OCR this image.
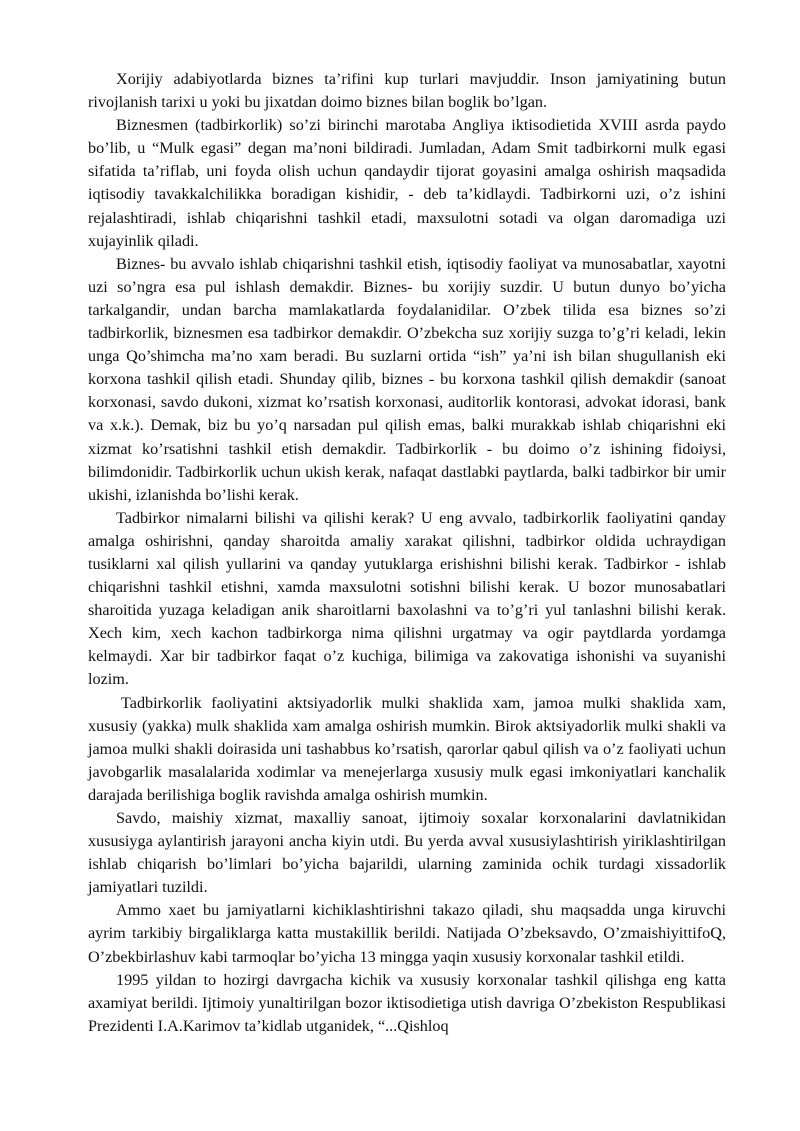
Xorijiy adabiyotlarda biznes ta’rifini kup turlari mavjuddir. Inson jamiyatining butun rivojlanish tarixi u yoki bu jixatdan doimo biznes bilan boglik bo’lgan.

Biznesmen (tadbirkorlik) so’zi birinchi marotaba Angliya iktisodietida XVIII asrda paydo bo’lib, u “Mulk egasi” degan ma’noni bildiradi. Jumladan, Adam Smit tadbirkorni mulk egasi sifatida ta’riflab, uni foyda olish uchun qandaydir tijorat goyasini amalga oshirish maqsadida iqtisodiy tavakkalchilikka boradigan kishidir, - deb ta’kidlaydi. Tadbirkorni uzi, o’z ishini rejalashtiradi, ishlab chiqarishni tashkil etadi, maxsulotni sotadi va olgan daromadiga uzi xujayinlik qiladi.

Biznes- bu avvalo ishlab chiqarishni tashkil etish, iqtisodiy faoliyat va munosabatlar, xayotni uzi so’ngra esa pul ishlash demakdir. Biznes- bu xorijiy suzdir. U butun dunyo bo’yicha tarkalgandir, undan barcha mamlakatlarda foydalanidilar. O’zbek tilida esa biznes so’zi tadbirkorlik, biznesmen esa tadbirkor demakdir. O’zbekcha suz xorijiy suzga to’g’ri keladi, lekin unga Qo’shimcha ma’no xam beradi. Bu suzlarni ortida “ish” ya’ni ish bilan shugullanish eki korxona tashkil qilish etadi. Shunday qilib, biznes - bu korxona tashkil qilish demakdir (sanoat korxonasi, savdo dukoni, xizmat ko’rsatish korxonasi, auditorlik kontorasi, advokat idorasi, bank va x.k.). Demak, biz bu yo’q narsadan pul qilish emas, balki murakkab ishlab chiqarishni eki xizmat ko’rsatishni tashkil etish demakdir. Tadbirkorlik - bu doimo o’z ishining fidoiysi, bilimdonidir. Tadbirkorlik uchun ukish kerak, nafaqat dastlabki paytlarda, balki tadbirkor bir umir ukishi, izlanishda bo’lishi kerak.

Tadbirkor nimalarni bilishi va qilishi kerak? U eng avvalo, tadbirkorlik faoliyatini qanday amalga oshirishni, qanday sharoitda amaliy xarakat qilishni, tadbirkor oldida uchraydigan tusiklarni xal qilish yullarini va qanday yutuklarga erishishni bilishi kerak. Tadbirkor - ishlab chiqarishni tashkil etishni, xamda maxsulotni sotishni bilishi kerak. U bozor munosabatlari sharoitida yuzaga keladigan anik sharoitlarni baxolashni va to’g’ri yul tanlashni bilishi kerak. Xech kim, xech kachon tadbirkorga nima qilishni urgatmay va ogir paytdlarda yordamga kelmaydi. Xar bir tadbirkor faqat o’z kuchiga, bilimiga va zakovatiga ishonishi va suyanishi lozim.

Tadbirkorlik faoliyatini aktsiyadorlik mulki shaklida xam, jamoa mulki shaklida xam, xususiy (yakka) mulk shaklida xam amalga oshirish mumkin. Birok aktsiyadorlik mulki shakli va jamoa mulki shakli doirasida uni tashabbus ko’rsatish, qarorlar qabul qilish va o’z faoliyati uchun javobgarlik masalalarida xodimlar va menejerlarga xususiy mulk egasi imkoniyatlari kanchalik darajada berilishiga boglik ravishda amalga oshirish mumkin.

Savdo, maishiy xizmat, maxalliy sanoat, ijtimoiy soxalar korxonalarini davlatnikidan xususiyga aylantirish jarayoni ancha kiyin utdi. Bu yerda avval xususiylashtirish yiriklashtirilgan ishlab chiqarish bo’limlari bo’yicha bajarildi, ularning zaminida ochik turdagi xissadorlik jamiyatlari tuzildi.

Ammo xaet bu jamiyatlarni kichiklashtirishni takazo qiladi, shu maqsadda unga kiruvchi ayrim tarkibiy birgaliklarga katta mustakillik berildi. Natijada O’zbeksavdo, O’zmaishiyittifoQ, O’zbekbirlashuv kabi tarmoqlar bo’yicha 13 mingga yaqin xususiy korxonalar tashkil etildi.

1995 yildan to hozirgi davrgacha kichik va xususiy korxonalar tashkil qilishga eng katta axamiyat berildi. Ijtimoiy yunaltirilgan bozor iktisodietiga utish davriga O’zbekiston Respublikasi Prezidenti I.A.Karimov ta’kidlab utganidek, “...Qishloq
